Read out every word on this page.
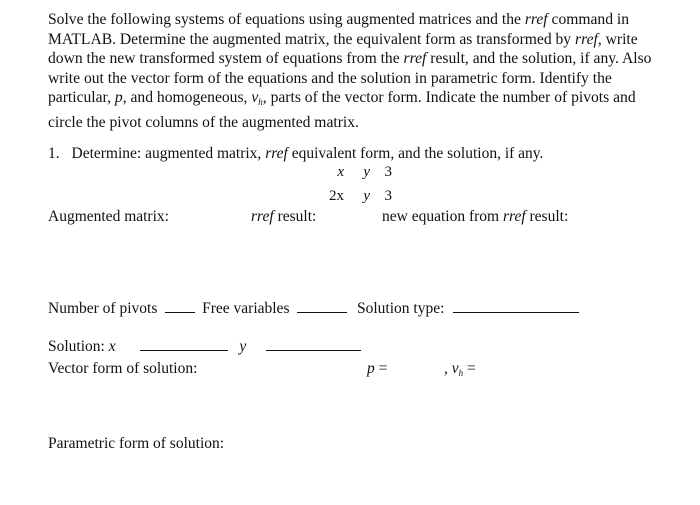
Solve the following systems of equations using augmented matrices and the rref command in
MATLAB. Determine the augmented matrix, the equivalent form as transformed by rref, write
down the new transformed system of equations from the rref result, and the solution, if any. Also
write out the vector form of the equations and the solution in parametric form. Identify the
particular, p, and homogeneous, $v_h$, parts of the vector form. Indicate the number of pivots and
circle the pivot columns of the augmented matrix.
1. Determine: augmented matrix, rref equivalent form, and the solution, if any.
x y 3
2x y 3
Augmented matrix:	rref result:	new equation from rref result:
Number of pivots	Free variables	Solution type:
Solution: x	y
Vector form of solution:	p =	, $v_h$ =
Parametric form of solution:
